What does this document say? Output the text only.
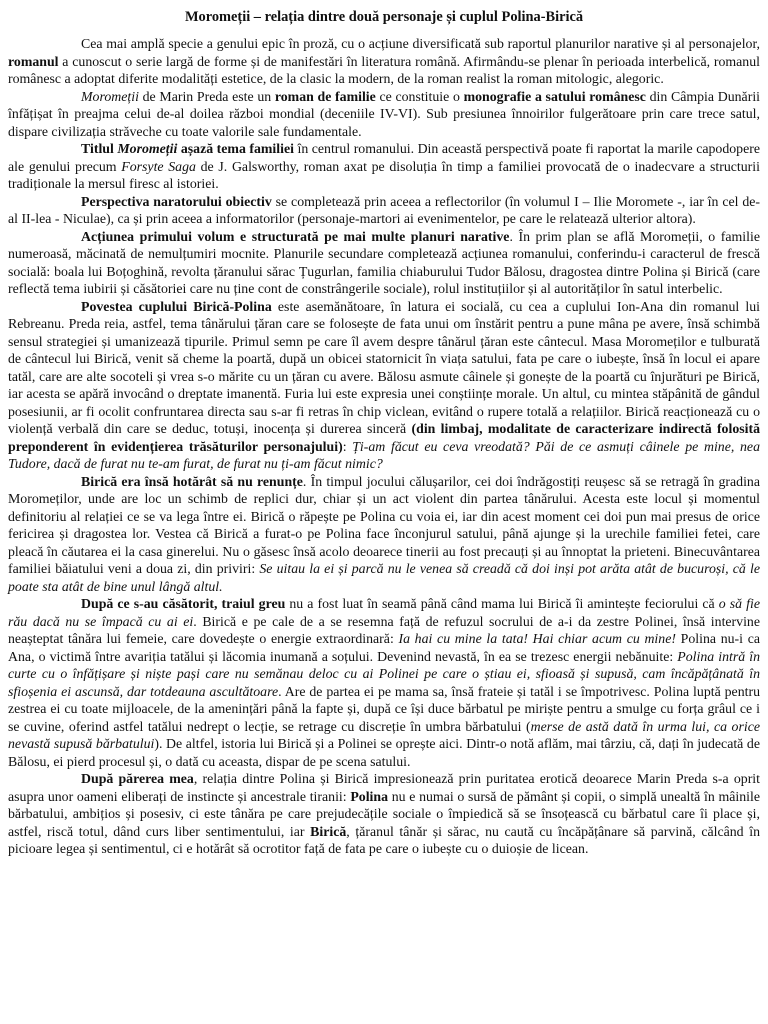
Moromeții – relația dintre două personaje și cuplul Polina-Birică

Cea mai amplă specie a genului epic în proză, cu o acțiune diversificată sub raportul planurilor narative și al personajelor, romanul a cunoscut o serie largă de forme și de manifestări în literatura română. Afirmându-se plenar în perioada interbelică, romanul românesc a adoptat diferite modalități estetice, de la clasic la modern, de la roman realist la roman mitologic, alegoric.

Moromeții de Marin Preda este un roman de familie ce constituie o monografie a satului românesc din Câmpia Dunării înfățișat în preajma celui de-al doilea război mondial (deceniile IV-VI). Sub presiunea înnoirilor fulgerătoare prin care trece satul, dispare civilizația străveche cu toate valorile sale fundamentale.

Titlul Moromeții așază tema familiei în centrul romanului. Din această perspectivă poate fi raportat la marile capodopere ale genului precum Forsyte Saga de J. Galsworthy, roman axat pe disoluția în timp a familiei provocată de o inadecvare a structurii tradiționale la mersul firesc al istoriei.

Perspectiva naratorului obiectiv se completează prin aceea a reflectorilor (în volumul I – Ilie Moromete -, iar în cel de-al II-lea - Niculae), ca și prin aceea a informatorilor (personaje-martori ai evenimentelor, pe care le relatează ulterior altora).

Acțiunea primului volum e structurată pe mai multe planuri narative. În prim plan se află Moromeții, o familie numeroasă, măcinată de nemulțumiri mocnite. Planurile secundare completează acțiunea romanului, conferindu-i caracterul de frescă socială: boala lui Boțoghină, revolta țăranului sărac Țugurlan, familia chiaburului Tudor Bălosu, dragostea dintre Polina și Birică (care reflectă tema iubirii și căsătoriei care nu ține cont de constrângerile sociale), rolul instituțiilor și al autorităților în satul interbelic.

Povestea cuplului Birică-Polina este asemănătoare, în latura ei socială, cu cea a cuplului Ion-Ana din romanul lui Rebreanu. Preda reia, astfel, tema tânărului țăran care se folosește de fata unui om înstărit pentru a pune mâna pe avere, însă schimbă sensul strategiei și umanizează tipurile. Primul semn pe care îl avem despre tânărul țăran este cântecul. Masa Moromeților e tulburată de cântecul lui Birică, venit să cheme la poartă, după un obicei statornicit în viața satului, fata pe care o iubește, însă în locul ei apare tatăl, care are alte socoteli și vrea s-o mărite cu un țăran cu avere. Bălosu asmute câinele și gonește de la poartă cu înjurături pe Birică, iar acesta se apără invocând o dreptate imanentă. Furia lui este expresia unei conștiințe morale. Un altul, cu mintea stăpânită de gândul posesiunii, ar fi ocolit confruntarea directa sau s-ar fi retras în chip viclean, evitând o rupere totală a relațiilor. Birică reacționează cu o violență verbală din care se deduc, totuși, inocența și durerea sinceră (din limbaj, modalitate de caracterizare indirectă folosită preponderent în evidențierea trăsăturilor personajului): Ți-am făcut eu ceva vreodată? Păi de ce asmuți câinele pe mine, nea Tudore, dacă de furat nu te-am furat, de furat nu ți-am făcut nimic?

Birică era însă hotărât să nu renunțe. În timpul jocului călușarilor, cei doi îndrăgostiți reușesc să se retragă în gradina Moromeților, unde are loc un schimb de replici dur, chiar și un act violent din partea tânărului. Acesta este locul și momentul definitoriu al relației ce se va lega între ei. Birică o răpește pe Polina cu voia ei, iar din acest moment cei doi pun mai presus de orice fericirea și dragostea lor. Vestea că Birică a furat-o pe Polina face înconjurul satului, până ajunge și la urechile familiei fetei, care pleacă în căutarea ei la casa ginerelui. Nu o găsesc însă acolo deoarece tinerii au fost precauți și au înnoptat la prieteni. Binecuvântarea familiei băiatului veni a doua zi, din priviri: Se uitau la ei și parcă nu le venea să creadă că doi inși pot arăta atât de bucuroși, că le poate sta atât de bine unul lângă altul.

După ce s-au căsătorit, traiul greu nu a fost luat în seamă până când mama lui Birică îi amintește feciorului că o să fie rău dacă nu se împacă cu ai ei. Birică e pe cale de a se resemna față de refuzul socrului de a-i da zestre Polinei, însă intervine neașteptat tânăra lui femeie, care dovedește o energie extraordinară: Ia hai cu mine la tata! Hai chiar acum cu mine! Polina nu-i ca Ana, o victimă între avariția tatălui și lăcomia inumană a soțului. Devenind nevastă, în ea se trezesc energii nebănuite: Polina intră în curte cu o înfățișare și niște pași care nu semănau deloc cu ai Polinei pe care o știau ei, sfioasă și supusă, cam încăpățânată în sfioșenia ei ascunsă, dar totdeauna ascultătoare. Are de partea ei pe mama sa, însă frateie și tatăl i se împotrivesc. Polina luptă pentru zestrea ei cu toate mijloacele, de la amenințări până la fapte și, după ce își duce bărbatul pe miriște pentru a smulge cu forța grâul ce i se cuvine, oferind astfel tatălui nedrept o lecție, se retrage cu discreție în umbra bărbatului (merse de astă dată în urma lui, ca orice nevastă supusă bărbatului). De altfel, istoria lui Birică și a Polinei se oprește aici. Dintr-o notă aflăm, mai târziu, că, dați în judecată de Bălosu, ei pierd procesul și, o dată cu aceasta, dispar de pe scena satului.

După părerea mea, relația dintre Polina și Birică impresionează prin puritatea erotică deoarece Marin Preda s-a oprit asupra unor oameni eliberați de instincte și ancestrale tiranii: Polina nu e numai o sursă de pământ și copii, o simplă unealtă în mâinile bărbatului, ambițios și posesiv, ci este tânăra pe care prejudecățile sociale o împiedică să se însoțească cu bărbatul care îi place și, astfel, riscă totul, dând curs liber sentimentului, iar Birică, țăranul tânăr și sărac, nu caută cu încăpățânare să parvină, călcând în picioare legea și sentimentul, ci e hotărât să ocrotitor față de fata pe care o iubește cu o duioșie de licean.
